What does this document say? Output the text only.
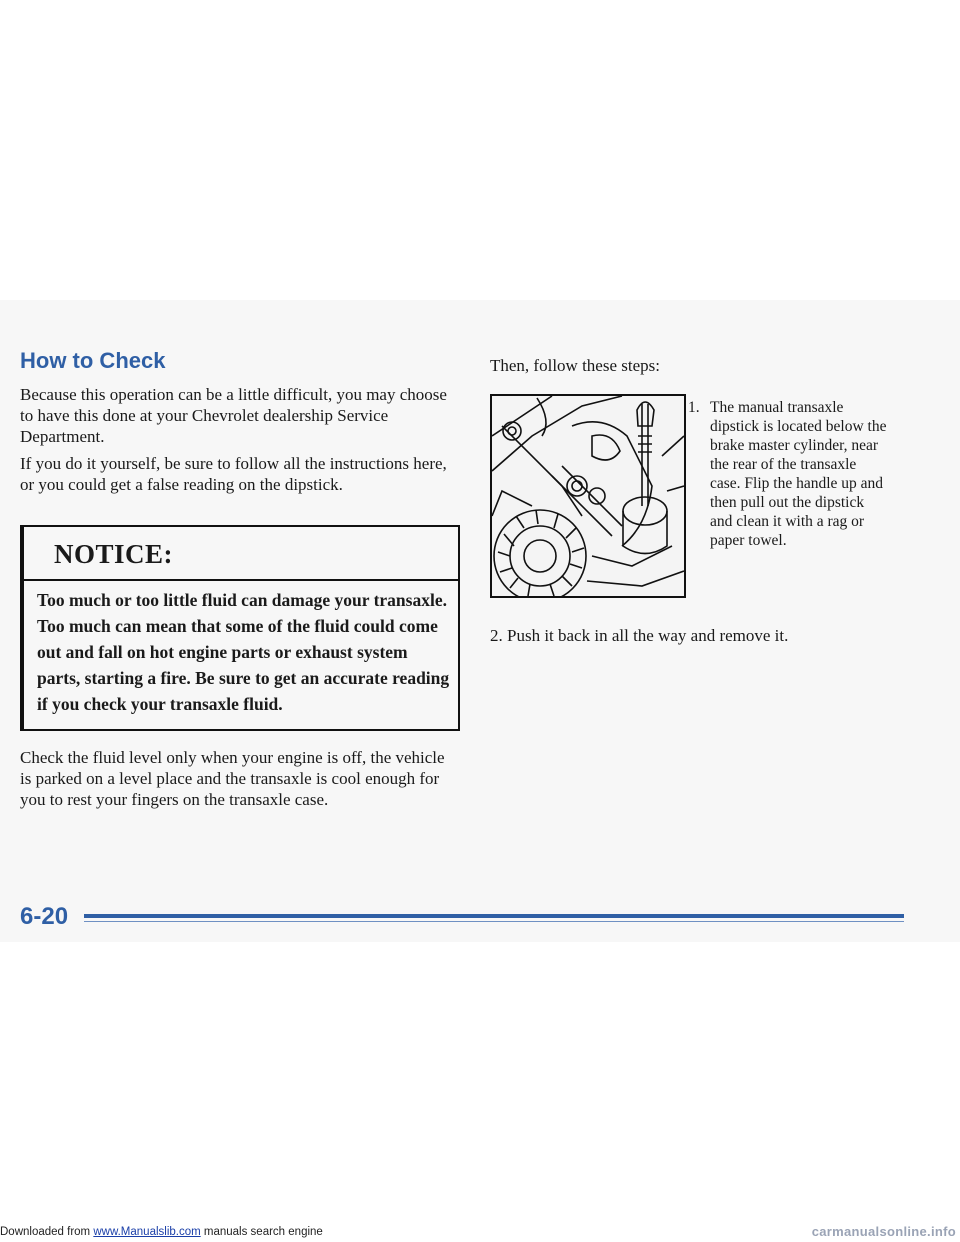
How to Check

Because this operation can be a little difficult, you may choose to have this done at your Chevrolet dealership Service Department.

If you do it yourself, be sure to follow all the instructions here, or you could get a false reading on the dipstick.

NOTICE:

Too much or too little fluid can damage your transaxle. Too much can mean that some of the fluid could come out and fall on hot engine parts or exhaust system parts, starting a fire. Be sure to get an accurate reading if you check your transaxle fluid.

Check the fluid level only when your engine is off, the vehicle is parked on a level place and the transaxle is cool enough for you to rest your fingers on the transaxle case.

Then, follow these steps:

1. The manual transaxle dipstick is located below the brake master cylinder, near the rear of the transaxle case. Flip the handle up and then pull out the dipstick and clean it with a rag or paper towel.

2. Push it back in all the way and remove it.

6-20

Downloaded from www.Manualslib.com manuals search engine	carmanualsonline.info
